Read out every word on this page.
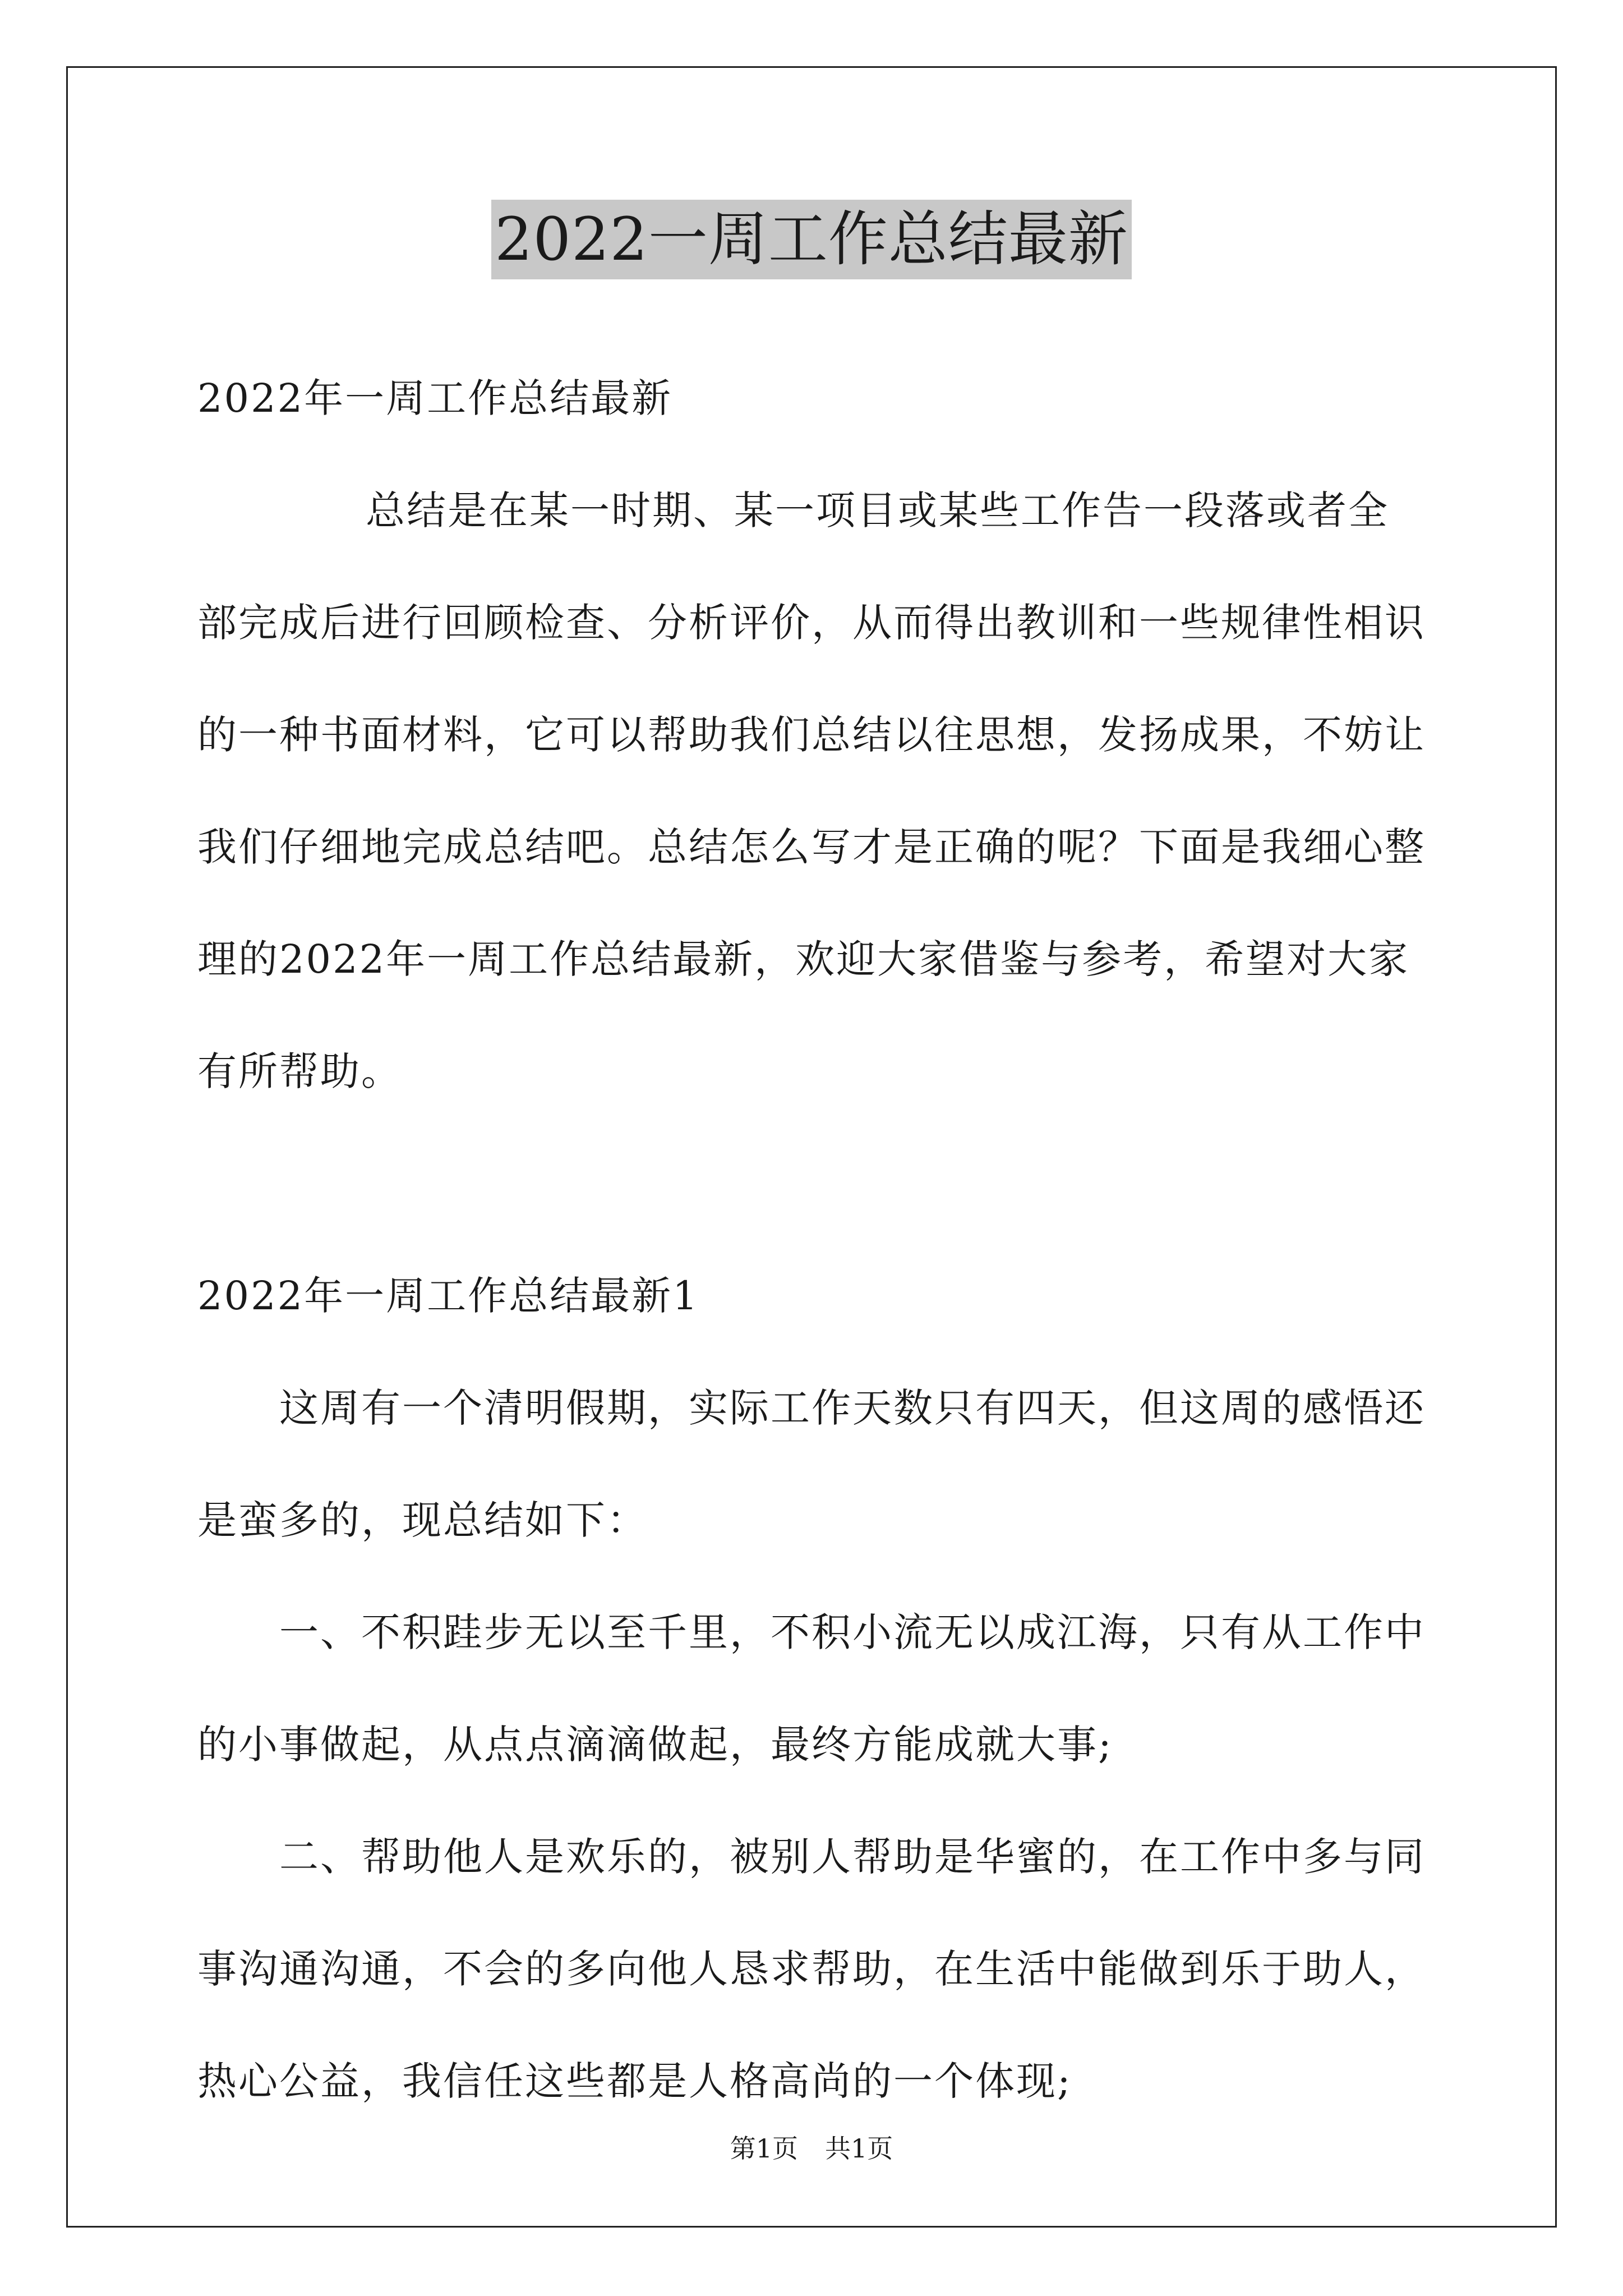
2022一周工作总结最新

2022年一周工作总结最新

总结是在某一时期、某一项目或某些工作告一段落或者全部完成后进行回顾检查、分析评价，从而得出教训和一些规律性相识的一种书面材料，它可以帮助我们总结以往思想，发扬成果，不妨让我们仔细地完成总结吧。总结怎么写才是正确的呢？下面是我细心整理的2022年一周工作总结最新，欢迎大家借鉴与参考，希望对大家有所帮助。

2022年一周工作总结最新1

这周有一个清明假期，实际工作天数只有四天，但这周的感悟还是蛮多的，现总结如下：

一、不积跬步无以至千里，不积小流无以成江海，只有从工作中的小事做起，从点点滴滴做起，最终方能成就大事;

二、帮助他人是欢乐的，被别人帮助是华蜜的，在工作中多与同事沟通沟通，不会的多向他人恳求帮助，在生活中能做到乐于助人，热心公益，我信任这些都是人格高尚的一个体现;

第1页 共1页
